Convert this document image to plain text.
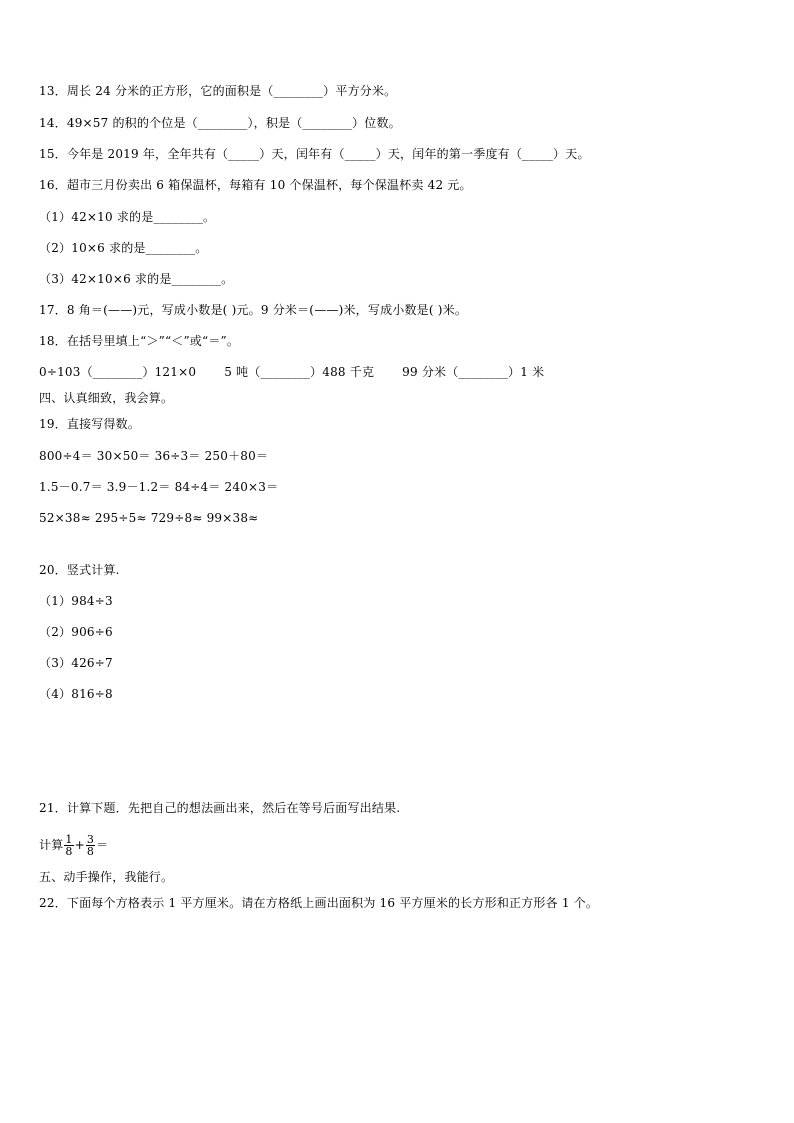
13．周长 24 分米的正方形，它的面积是（________）平方分米。
14．49×57 的积的个位是（________），积是（________）位数。
15．今年是 2019 年，全年共有（_____）天，闰年有（_____）天，闰年的第一季度有（_____）天。
16．超市三月份卖出 6 箱保温杯，每箱有 10 个保温杯，每个保温杯卖 42 元。
（1）42×10 求的是________。
（2）10×6 求的是________。
（3）42×10×6 求的是________。
17．8 角＝(——)元，写成小数是( )元。9 分米＝(——)米，写成小数是( )米。
18．在括号里填上“＞”“＜”或“＝”。
0÷103（________）121×0 5 吨（________）488 千克 99 分米（________）1 米
四、认真细致，我会算。
19．直接写得数。
800÷4＝ 30×50＝ 36÷3＝ 250＋80＝
1.5－0.7＝ 3.9－1.2＝ 84÷4＝ 240×3＝
52×38≈ 295÷5≈ 729÷8≈ 99×38≈
20．竖式计算.
（1）984÷3
（2）906÷6
（3）426÷7
（4）816÷8
21．计算下题．先把自己的想法画出来，然后在等号后面写出结果.
计算 $\frac{1}{8} + \frac{3}{8}$ ＝
五、动手操作，我能行。
22．下面每个方格表示 1 平方厘米。请在方格纸上画出面积为 16 平方厘米的长方形和正方形各 1 个。
